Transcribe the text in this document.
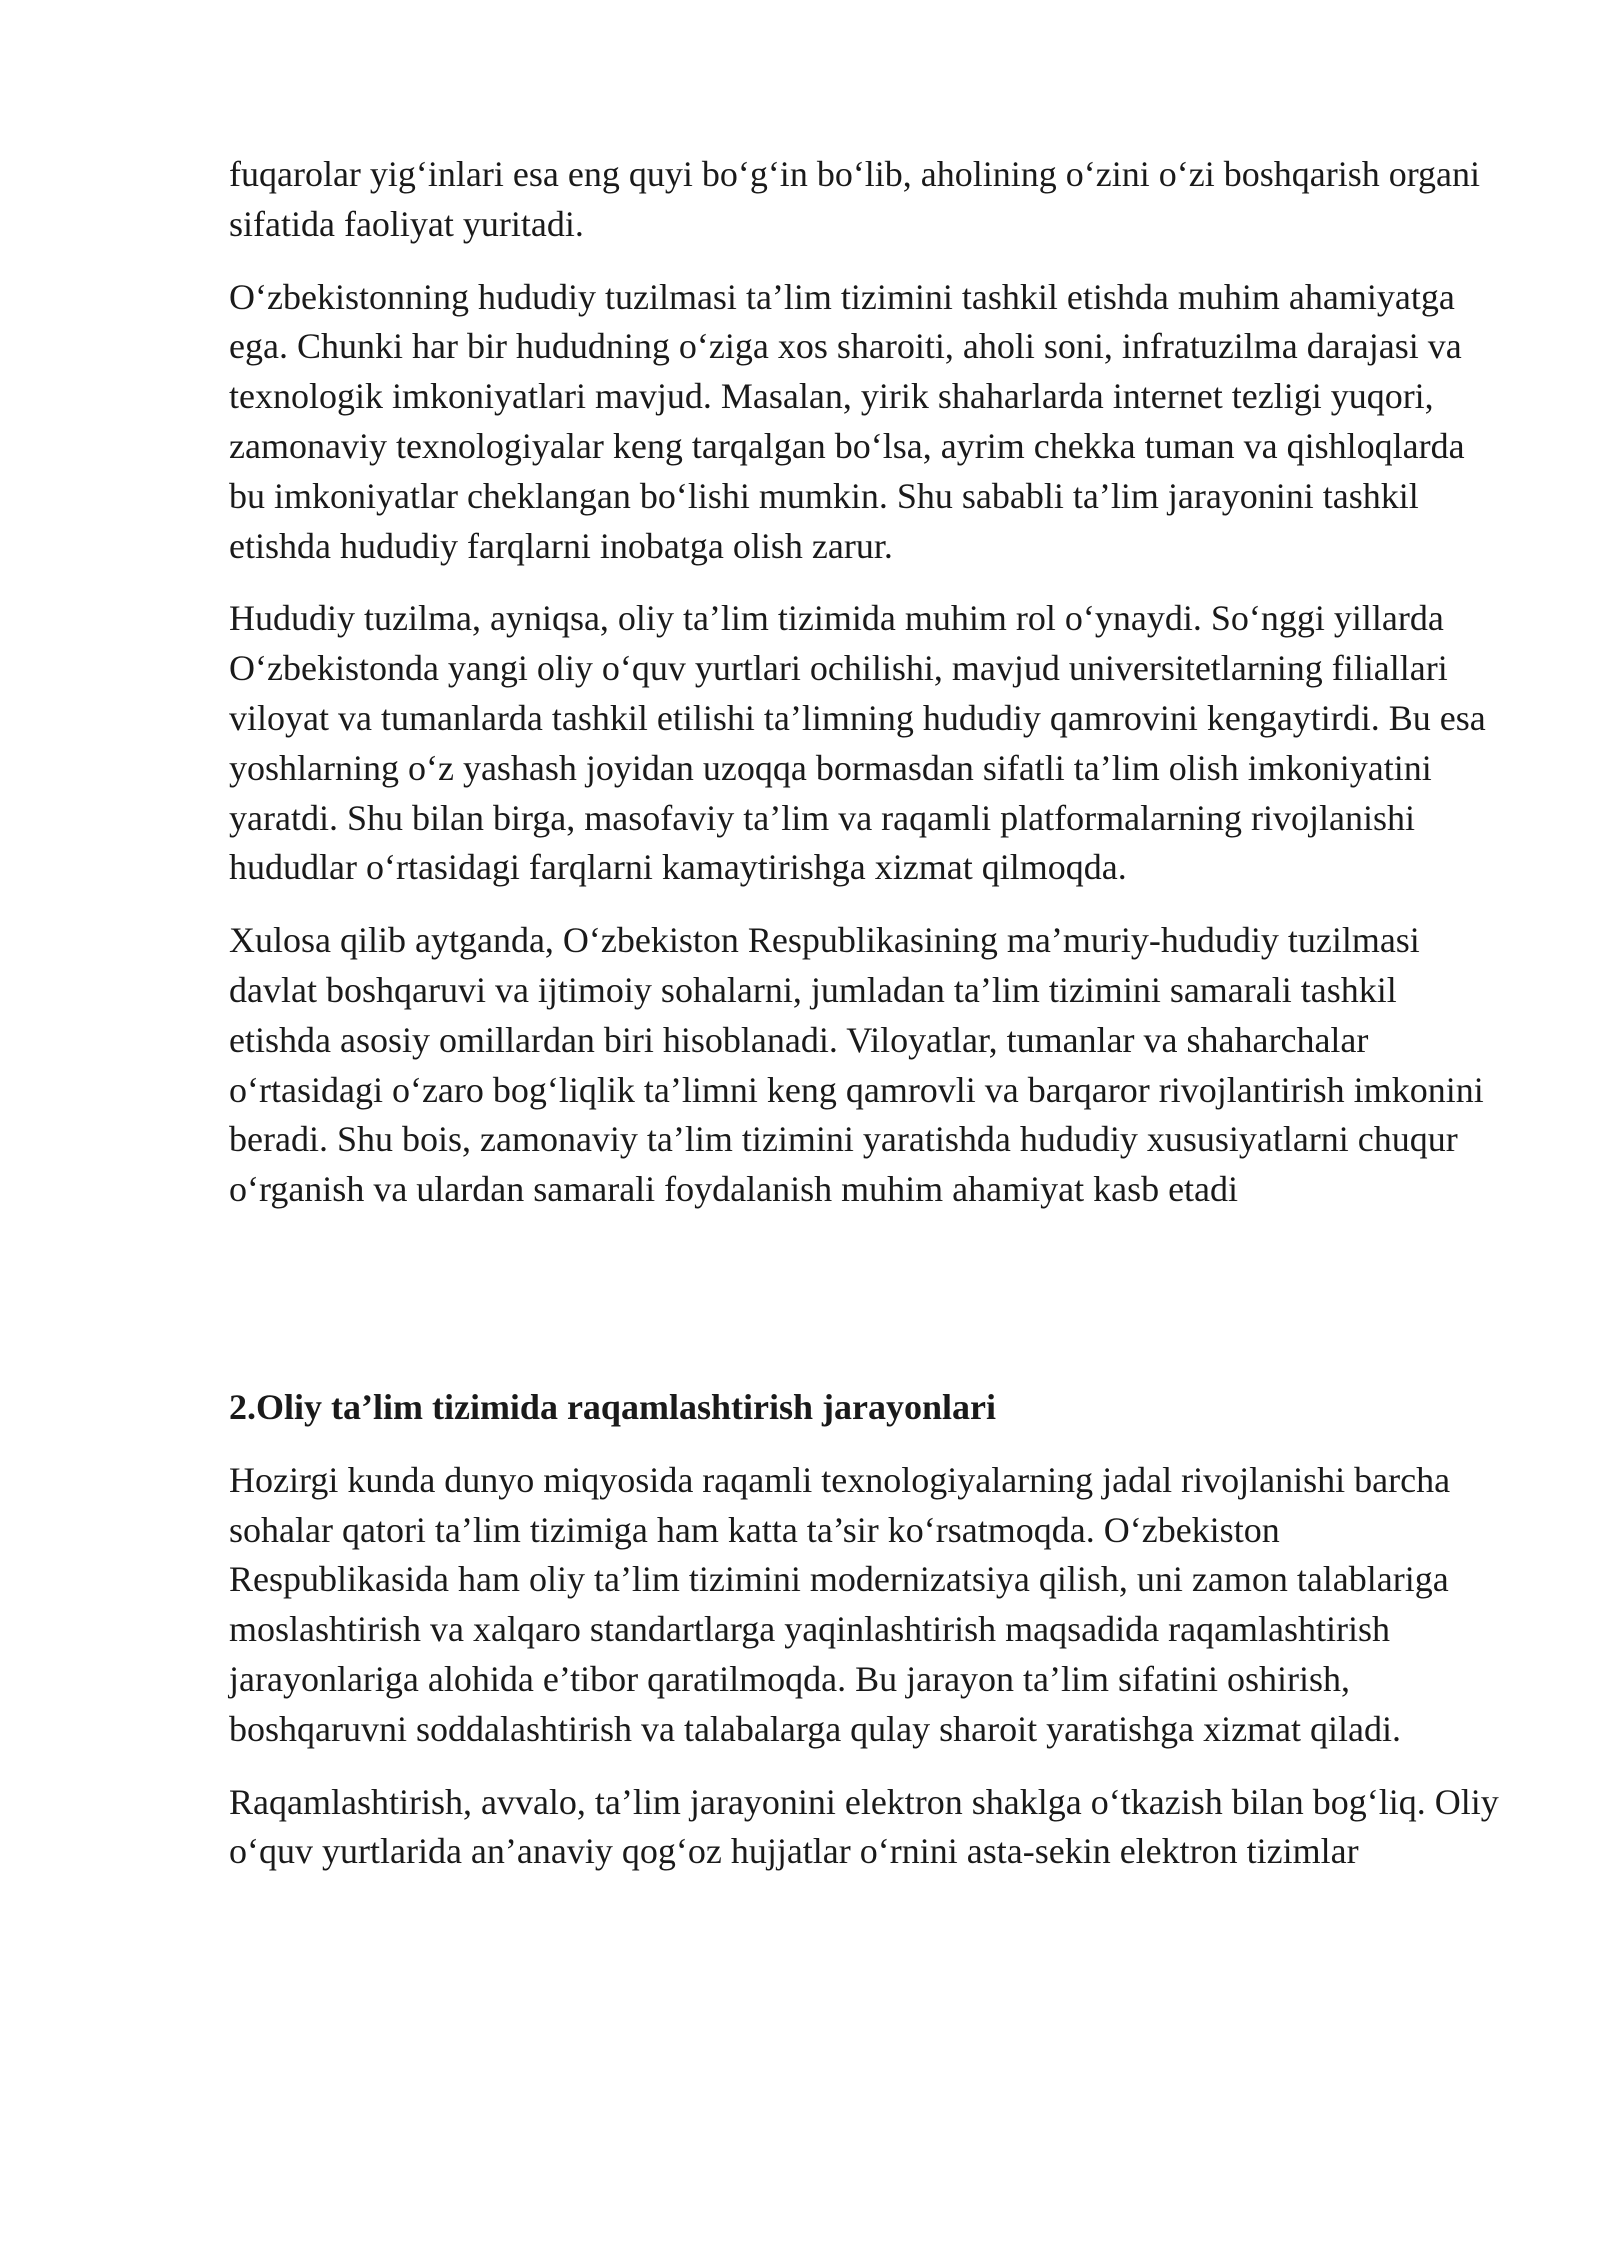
fuqarolar yig‘inlari esa eng quyi bo‘g‘in bo‘lib, aholining o‘zini o‘zi boshqarish organi sifatida faoliyat yuritadi.

O‘zbekistonning hududiy tuzilmasi ta’lim tizimini tashkil etishda muhim ahamiyatga ega. Chunki har bir hududning o‘ziga xos sharoiti, aholi soni, infratuzilma darajasi va texnologik imkoniyatlari mavjud. Masalan, yirik shaharlarda internet tezligi yuqori, zamonaviy texnologiyalar keng tarqalgan bo‘lsa, ayrim chekka tuman va qishloqlarda bu imkoniyatlar cheklangan bo‘lishi mumkin. Shu sababli ta’lim jarayonini tashkil etishda hududiy farqlarni inobatga olish zarur.

Hududiy tuzilma, ayniqsa, oliy ta’lim tizimida muhim rol o‘ynaydi. So‘nggi yillarda O‘zbekistonda yangi oliy o‘quv yurtlari ochilishi, mavjud universitetlarning filiallari viloyat va tumanlarda tashkil etilishi ta’limning hududiy qamrovini kengaytirdi. Bu esa yoshlarning o‘z yashash joyidan uzoqqa bormasdan sifatli ta’lim olish imkoniyatini yaratdi. Shu bilan birga, masofaviy ta’lim va raqamli platformalarning rivojlanishi hududlar o‘rtasidagi farqlarni kamaytirishga xizmat qilmoqda.

Xulosa qilib aytganda, O‘zbekiston Respublikasining ma’muriy-hududiy tuzilmasi davlat boshqaruvi va ijtimoiy sohalarni, jumladan ta’lim tizimini samarali tashkil etishda asosiy omillardan biri hisoblanadi. Viloyatlar, tumanlar va shaharchalar o‘rtasidagi o‘zaro bog‘liqlik ta’limni keng qamrovli va barqaror rivojlantirish imkonini beradi. Shu bois, zamonaviy ta’lim tizimini yaratishda hududiy xususiyatlarni chuqur o‘rganish va ulardan samarali foydalanish muhim ahamiyat kasb etadi

2.Oliy ta’lim tizimida raqamlashtirish jarayonlari

Hozirgi kunda dunyo miqyosida raqamli texnologiyalarning jadal rivojlanishi barcha sohalar qatori ta’lim tizimiga ham katta ta’sir ko‘rsatmoqda. O‘zbekiston Respublikasida ham oliy ta’lim tizimini modernizatsiya qilish, uni zamon talablariga moslashtirish va xalqaro standartlarga yaqinlashtirish maqsadida raqamlashtirish jarayonlariga alohida e’tibor qaratilmoqda. Bu jarayon ta’lim sifatini oshirish, boshqaruvni soddalashtirish va talabalarga qulay sharoit yaratishga xizmat qiladi.

Raqamlashtirish, avvalo, ta’lim jarayonini elektron shaklga o‘tkazish bilan bog‘liq. Oliy o‘quv yurtlarida an’anaviy qog‘oz hujjatlar o‘rnini asta-sekin elektron tizimlar
